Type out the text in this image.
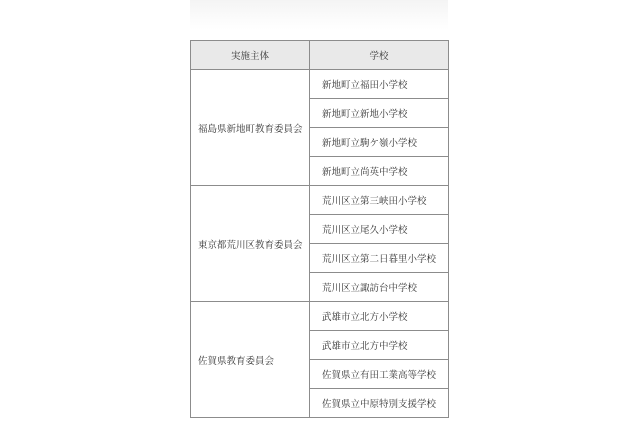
実施主体	学校
福島県新地町教育委員会	新地町立福田小学校
	新地町立新地小学校
	新地町立駒ケ嶺小学校
	新地町立尚英中学校
東京都荒川区教育委員会	荒川区立第三峡田小学校
	荒川区立尾久小学校
	荒川区立第二日暮里小学校
	荒川区立諏訪台中学校
佐賀県教育委員会	武雄市立北方小学校
	武雄市立北方中学校
	佐賀県立有田工業高等学校
	佐賀県立中原特別支援学校
